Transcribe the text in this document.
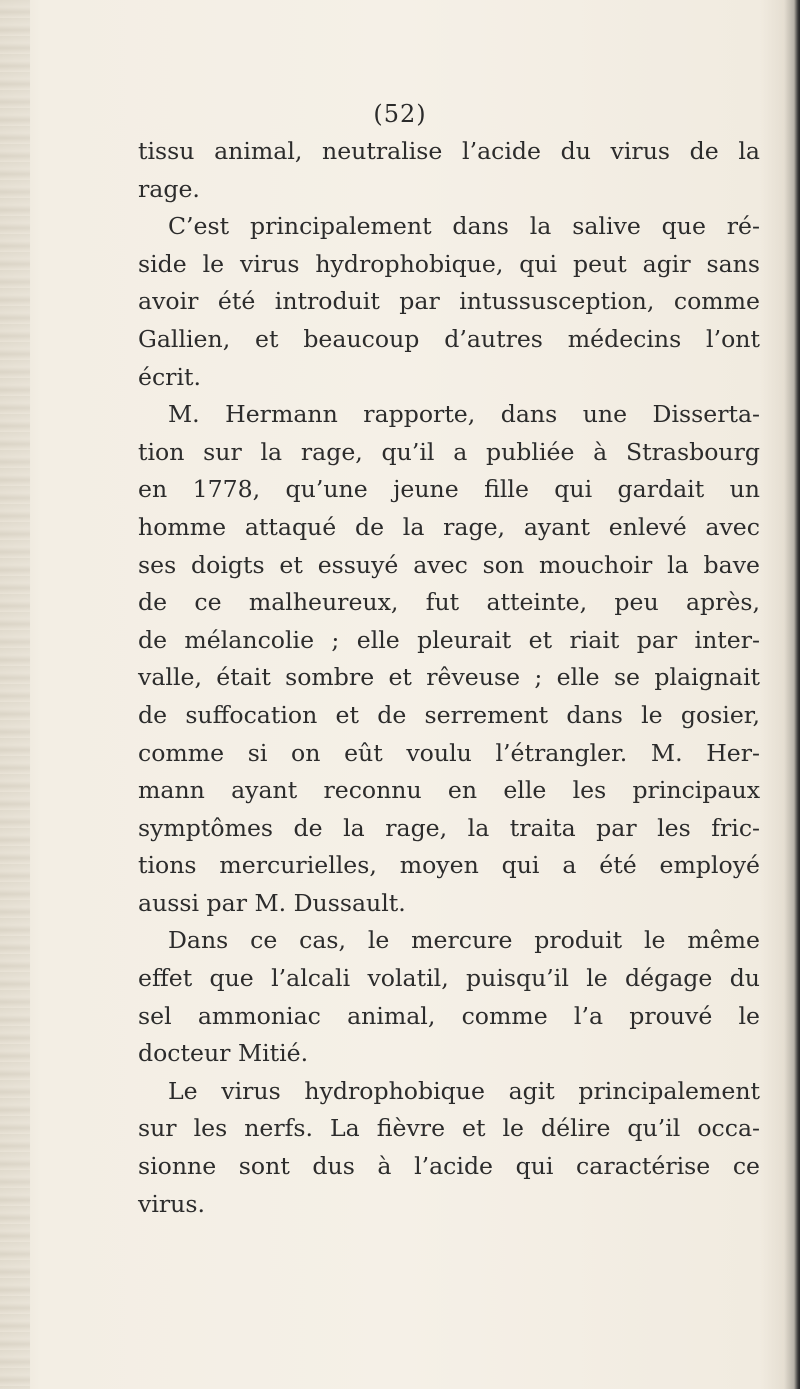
(52)
tissu animal, neutralise l’acide du virus de la
rage.
C’est principalement dans la salive que ré-
side le virus hydrophobique, qui peut agir sans
avoir été introduit par intussusception, comme
Gallien, et beaucoup d’autres médecins l’ont
écrit.
M. Hermann rapporte, dans une Disserta-
tion sur la rage, qu’il a publiée à Strasbourg
en 1778, qu’une jeune fille qui gardait un
homme attaqué de la rage, ayant enlevé avec
ses doigts et essuyé avec son mouchoir la bave
de ce malheureux, fut atteinte, peu après,
de mélancolie ; elle pleurait et riait par inter-
valle, était sombre et rêveuse ; elle se plaignait
de suffocation et de serrement dans le gosier,
comme si on eût voulu l’étrangler. M. Her-
mann ayant reconnu en elle les principaux
symptômes de la rage, la traita par les fric-
tions mercurielles, moyen qui a été employé
aussi par M. Dussault.
Dans ce cas, le mercure produit le même
effet que l’alcali volatil, puisqu’il le dégage du
sel ammoniac animal, comme l’a prouvé le
docteur Mitié.
Le virus hydrophobique agit principalement
sur les nerfs. La fièvre et le délire qu’il occa-
sionne sont dus à l’acide qui caractérise ce
virus.
